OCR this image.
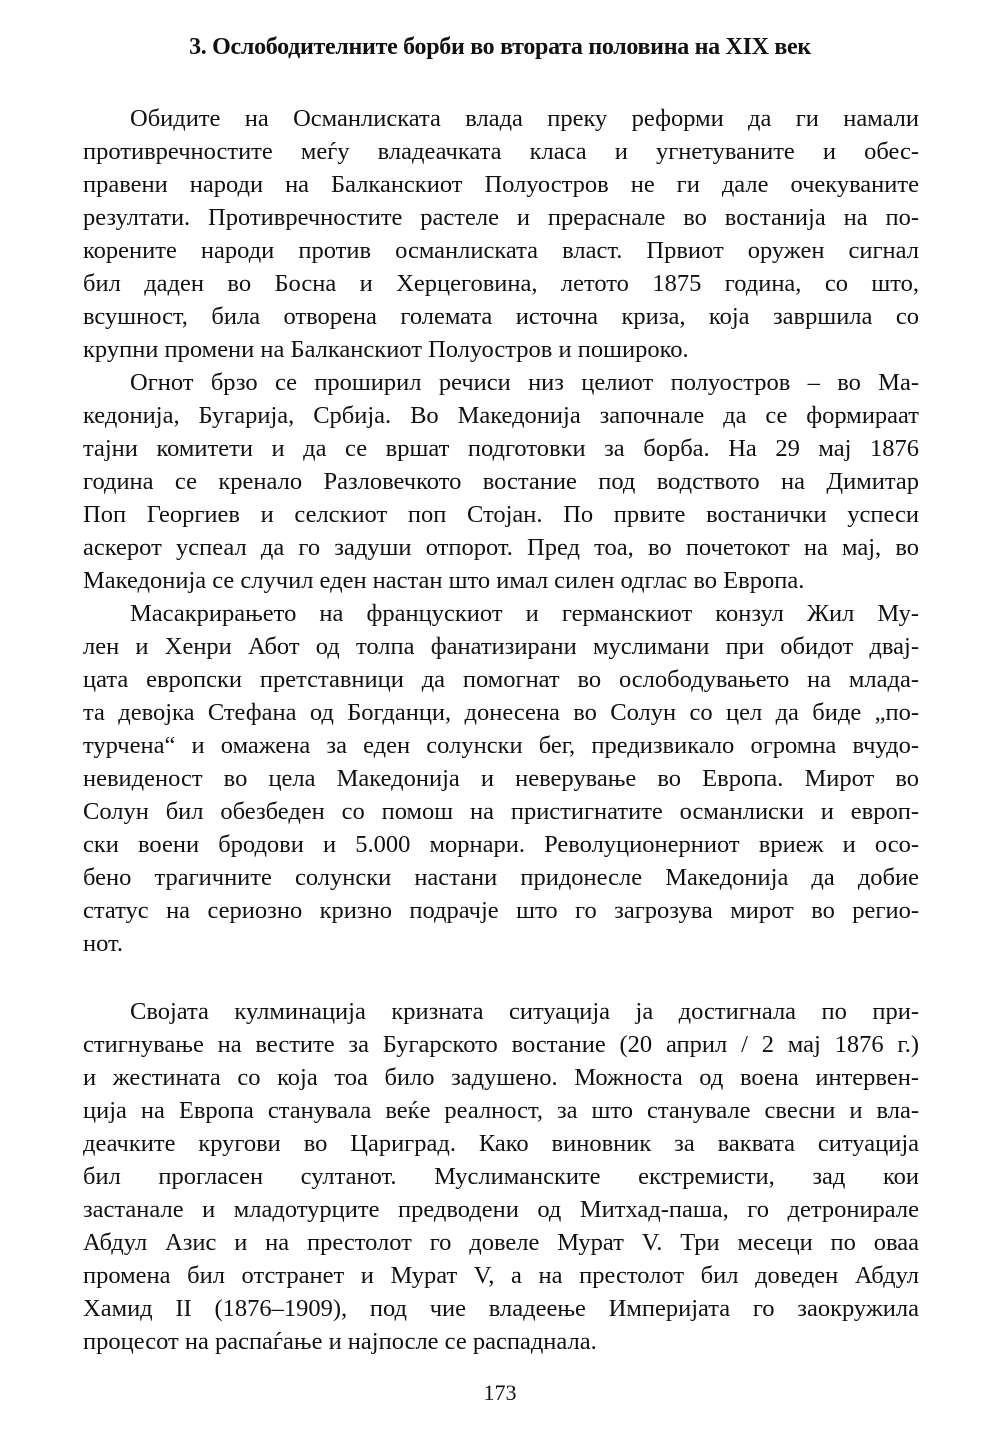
3. Ослободителните борби во втората половина на XIX век
Обидите на Османлиската влада преку реформи да ги намали
противречностите меѓу владеачката класа и угнетуваните и обес-
правени народи на Балканскиот Полуостров не ги дале очекуваните
резултати. Противречностите растеле и прераснале во востанија на по-
корените народи против османлиската власт. Првиот оружен сигнал
бил даден во Босна и Херцеговина, летото 1875 година, со што,
всушност, била отворена големата источна криза, која завршила со
крупни промени на Балканскиот Полуостров и пошироко.
Огнот брзо се проширил речиси низ целиот полуостров – во Ма-
кедонија, Бугарија, Србија. Во Македонија започнале да се формираат
тајни комитети и да се вршат подготовки за борба. На 29 мај 1876
година се кренало Разловечкото востание под водството на Димитар
Поп Георгиев и селскиот поп Стојан. По првите востанички успеси
аскерот успеал да го задуши отпорот. Пред тоа, во почетокот на мај, во
Македонија се случил еден настан што имал силен одглас во Европа.
Масакрирањето на францускиот и германскиот конзул Жил Му-
лен и Хенри Абот од толпа фанатизирани муслимани при обидот двај-
цата европски претставници да помогнат во ослободувањето на млада-
та девојка Стефана од Богданци, донесена во Солун со цел да биде „по-
турчена“ и омажена за еден солунски бег, предизвикало огромна вчудо-
невиденост во цела Македонија и неверување во Европа. Мирот во
Солун бил обезбеден со помош на пристигнатите османлиски и европ-
ски воени бродови и 5.000 морнари. Револуционерниот вриеж и осо-
бено трагичните солунски настани придонесле Македонија да добие
статус на сериозно кризно подрачје што го загрозува мирот во регио-
нот.
Својата кулминација кризната ситуација ја достигнала по при-
стигнување на вестите за Бугарското востание (20 април / 2 мај 1876 г.)
и жестината со која тоа било задушено. Можноста од воена интервен-
ција на Европа станувала веќе реалност, за што станувале свесни и вла-
деачките кругови во Цариград. Како виновник за ваквата ситуација
бил прогласен султанот. Муслиманските екстремисти, зад кои
застанале и младотурците предводени од Митхад-паша, го детронирале
Абдул Азис и на престолот го довеле Мурат V. Три месеци по оваа
промена бил отстранет и Мурат V, а на престолот бил доведен Абдул
Хамид II (1876–1909), под чие владеење Империјата го заокружила
процесот на распаѓање и најпосле се распаднала.
173
